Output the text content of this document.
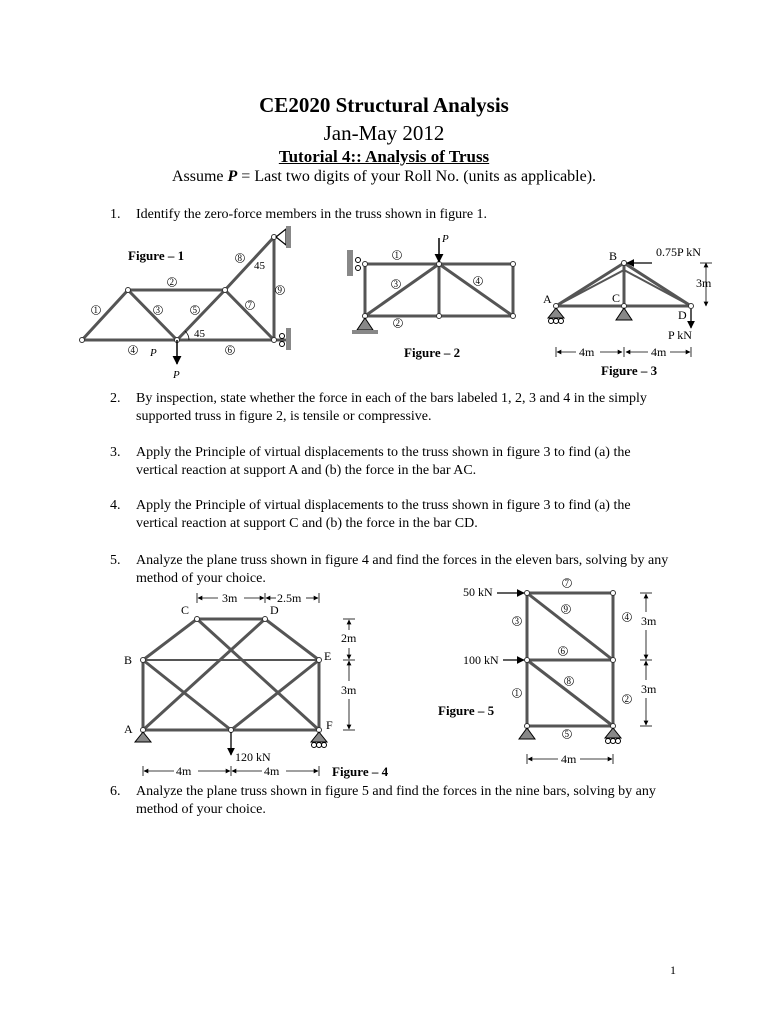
CE2020 Structural Analysis
Jan-May 2012
Tutorial 4:: Analysis of Truss
Assume P = Last two digits of your Roll No. (units as applicable).
1.	Identify the zero-force members in the truss shown in figure 1.
2.	By inspection, state whether the force in each of the bars labeled 1, 2, 3 and 4 in the simply supported truss in figure 2, is tensile or compressive.
3.	Apply the Principle of virtual displacements to the truss shown in figure 3 to find (a) the vertical reaction at support A and (b) the force in the bar AC.
4.	Apply the Principle of virtual displacements to the truss shown in figure 3 to find (a) the vertical reaction at support C and (b) the force in the bar CD.
5.	Analyze the plane truss shown in figure 4 and find the forces in the eleven bars, solving by any method of your choice.
6.	Analyze the plane truss shown in figure 5 and find the forces in the nine bars, solving by any method of your choice.
P
P
45
45
1
2
3
4
5
6
7
8
9
Figure – 1
P
1
2
3	4
Figure – 2
B
A	C
D
0.75P kN
P kN
3m
4m	4m
Figure – 3
C	D
B	E
A	F
120 kN
3m	2.5m
2m
3m
4m	4m	Figure – 4
50 kN
100 kN
1
2
3	4
5
6
7
8
9
3m
3m
4m
Figure – 5
1
